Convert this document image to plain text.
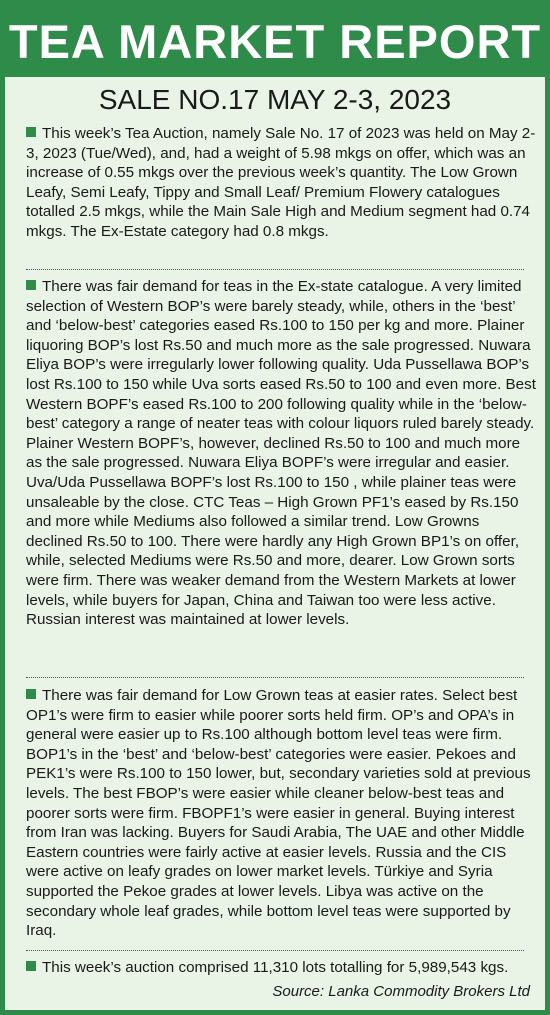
TEA MARKET REPORT
SALE NO.17 MAY 2-3, 2023

This week’s Tea Auction, namely Sale No. 17 of 2023 was held on May 2-3, 2023 (Tue/Wed), and, had a weight of 5.98 mkgs on offer, which was an increase of 0.55 mkgs over the previous week’s quantity. The Low Grown Leafy, Semi Leafy, Tippy and Small Leaf/ Premium Flowery catalogues totalled 2.5 mkgs, while the Main Sale High and Medium segment had 0.74 mkgs. The Ex-Estate category had 0.8 mkgs.

There was fair demand for teas in the Ex-state catalogue. A very limited selection of Western BOP’s were barely steady, while, others in the ‘best’ and ‘below-best’ categories eased Rs.100 to 150 per kg and more. Plainer liquoring BOP’s lost Rs.50 and much more as the sale progressed. Nuwara Eliya BOP’s were irregularly lower following quality. Uda Pussellawa BOP’s lost Rs.100 to 150 while Uva sorts eased Rs.50 to 100 and even more. Best Western BOPF’s eased Rs.100 to 200 following quality while in the ‘below-best’ category a range of neater teas with colour liquors ruled barely steady. Plainer Western BOPF’s, however, declined Rs.50 to 100 and much more as the sale progressed. Nuwara Eliya BOPF’s were irregular and easier. Uva/Uda Pussellawa BOPF’s lost Rs.100 to 150 , while plainer teas were unsaleable by the close. CTC Teas – High Grown PF1’s eased by Rs.150 and more while Mediums also followed a similar trend. Low Growns declined Rs.50 to 100. There were hardly any High Grown BP1’s on offer, while, selected Mediums were Rs.50 and more, dearer. Low Grown sorts were firm. There was weaker demand from the Western Markets at lower levels, while buyers for Japan, China and Taiwan too were less active. Russian interest was maintained at lower levels.

There was fair demand for Low Grown teas at easier rates. Select best OP1’s were firm to easier while poorer sorts held firm. OP’s and OPA’s in general were easier up to Rs.100 although bottom level teas were firm. BOP1’s in the ‘best’ and ‘below-best’ categories were easier. Pekoes and PEK1’s were Rs.100 to 150 lower, but, secondary varieties sold at previous levels. The best FBOP’s were easier while cleaner below-best teas and poorer sorts were firm. FBOPF1’s were easier in general. Buying interest from Iran was lacking. Buyers for Saudi Arabia, The UAE and other Middle Eastern countries were fairly active at easier levels. Russia and the CIS were active on leafy grades on lower market levels. Türkiye and Syria supported the Pekoe grades at lower levels. Libya was active on the secondary whole leaf grades, while bottom level teas were supported by Iraq.

This week’s auction comprised 11,310 lots totalling for 5,989,543 kgs.

Source: Lanka Commodity Brokers Ltd
